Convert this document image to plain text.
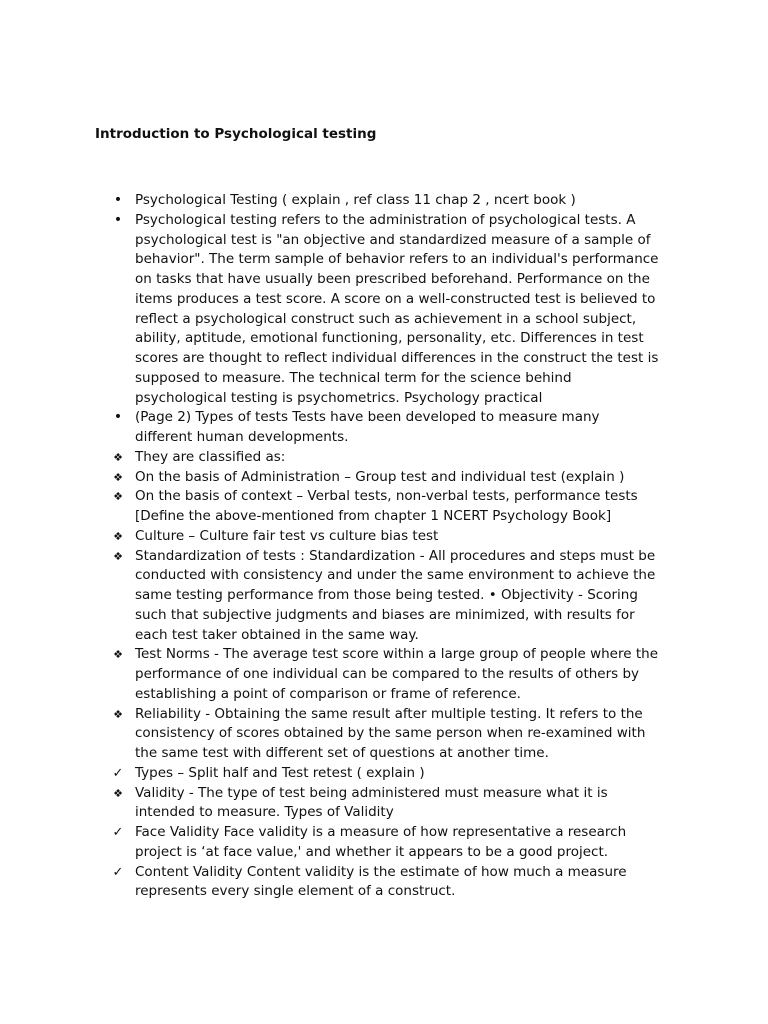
Introduction to Psychological testing
• Psychological Testing ( explain , ref class 11 chap 2 , ncert book )
• Psychological testing refers to the administration of psychological tests. A
psychological test is "an objective and standardized measure of a sample of
behavior". The term sample of behavior refers to an individual's performance
on tasks that have usually been prescribed beforehand. Performance on the
items produces a test score. A score on a well-constructed test is believed to
reflect a psychological construct such as achievement in a school subject,
ability, aptitude, emotional functioning, personality, etc. Differences in test
scores are thought to reflect individual differences in the construct the test is
supposed to measure. The technical term for the science behind
psychological testing is psychometrics. Psychology practical
• (Page 2) Types of tests Tests have been developed to measure many
different human developments.
❖ They are classified as:
❖ On the basis of Administration – Group test and individual test (explain )
❖ On the basis of context – Verbal tests, non-verbal tests, performance tests
[Define the above-mentioned from chapter 1 NCERT Psychology Book]
❖ Culture – Culture fair test vs culture bias test
❖ Standardization of tests : Standardization - All procedures and steps must be
conducted with consistency and under the same environment to achieve the
same testing performance from those being tested. • Objectivity - Scoring
such that subjective judgments and biases are minimized, with results for
each test taker obtained in the same way.
❖ Test Norms - The average test score within a large group of people where the
performance of one individual can be compared to the results of others by
establishing a point of comparison or frame of reference.
❖ Reliability - Obtaining the same result after multiple testing. It refers to the
consistency of scores obtained by the same person when re-examined with
the same test with different set of questions at another time.
✓ Types – Split half and Test retest ( explain )
❖ Validity - The type of test being administered must measure what it is
intended to measure. Types of Validity
✓ Face Validity Face validity is a measure of how representative a research
project is ‘at face value,' and whether it appears to be a good project.
✓ Content Validity Content validity is the estimate of how much a measure
represents every single element of a construct.
